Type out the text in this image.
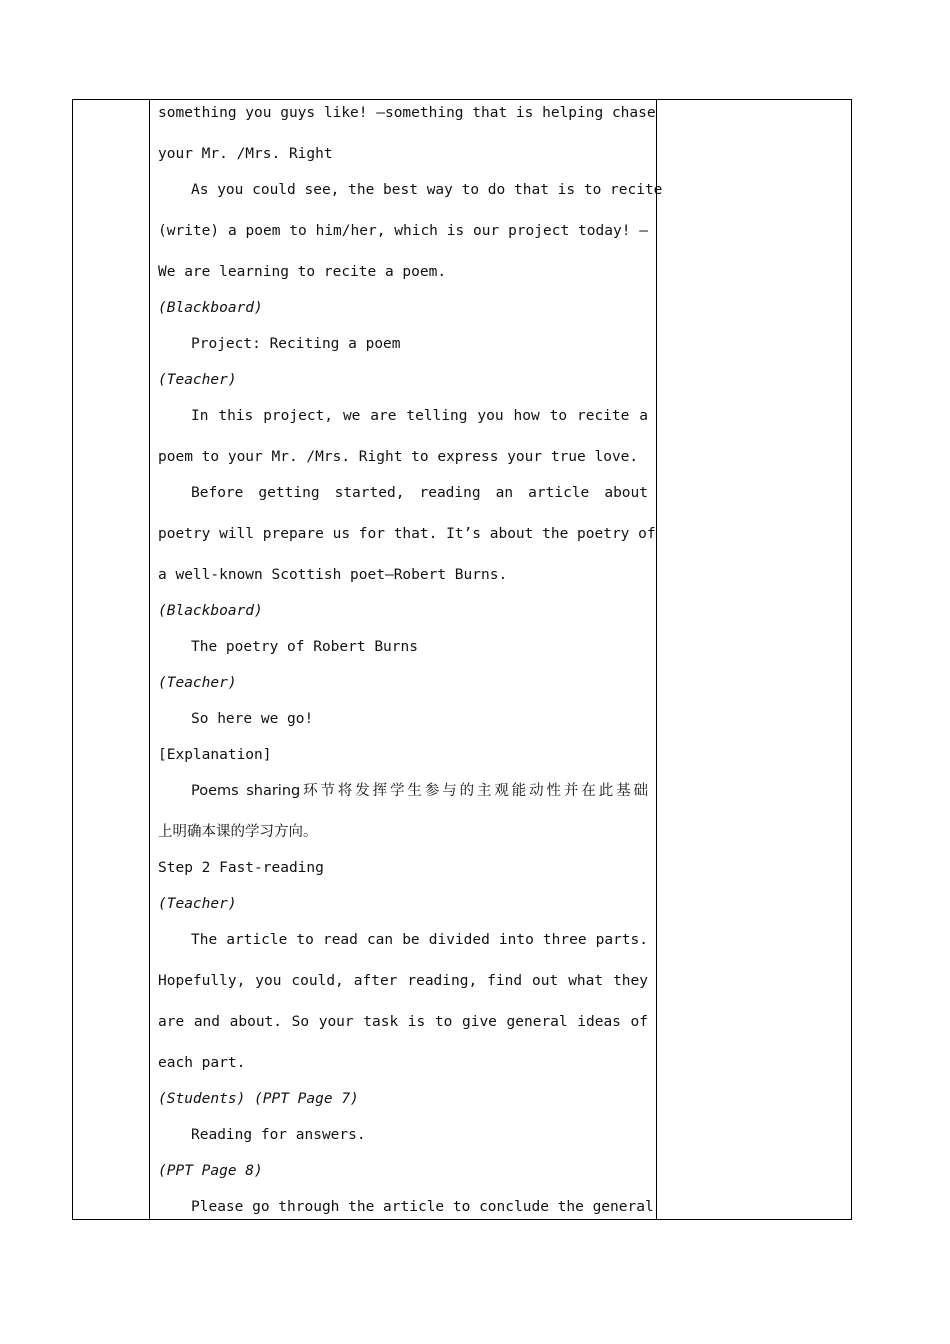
something you guys like! —something that is helping chase
your Mr. /Mrs. Right
As you could see, the best way to do that is to recite
(write) a poem to him/her, which is our project today! —
We are learning to recite a poem.
(Blackboard)
Project: Reciting a poem
(Teacher)
In this project, we are telling you how to recite a
poem to your Mr. /Mrs. Right to express your true love.
Before getting started, reading an article about
poetry will prepare us for that. It’s about the poetry of
a well-known Scottish poet—Robert Burns.
(Blackboard)
The poetry of Robert Burns
(Teacher)
So here we go!
[Explanation]
Poems sharing环节将发挥学生参与的主观能动性并在此基础
上明确本课的学习方向。
Step 2 Fast-reading
(Teacher)
The article to read can be divided into three parts.
Hopefully, you could, after reading, find out what they
are and about. So your task is to give general ideas of
each part.
(Students) (PPT Page 7)
Reading for answers.
(PPT Page 8)
Please go through the article to conclude the general
